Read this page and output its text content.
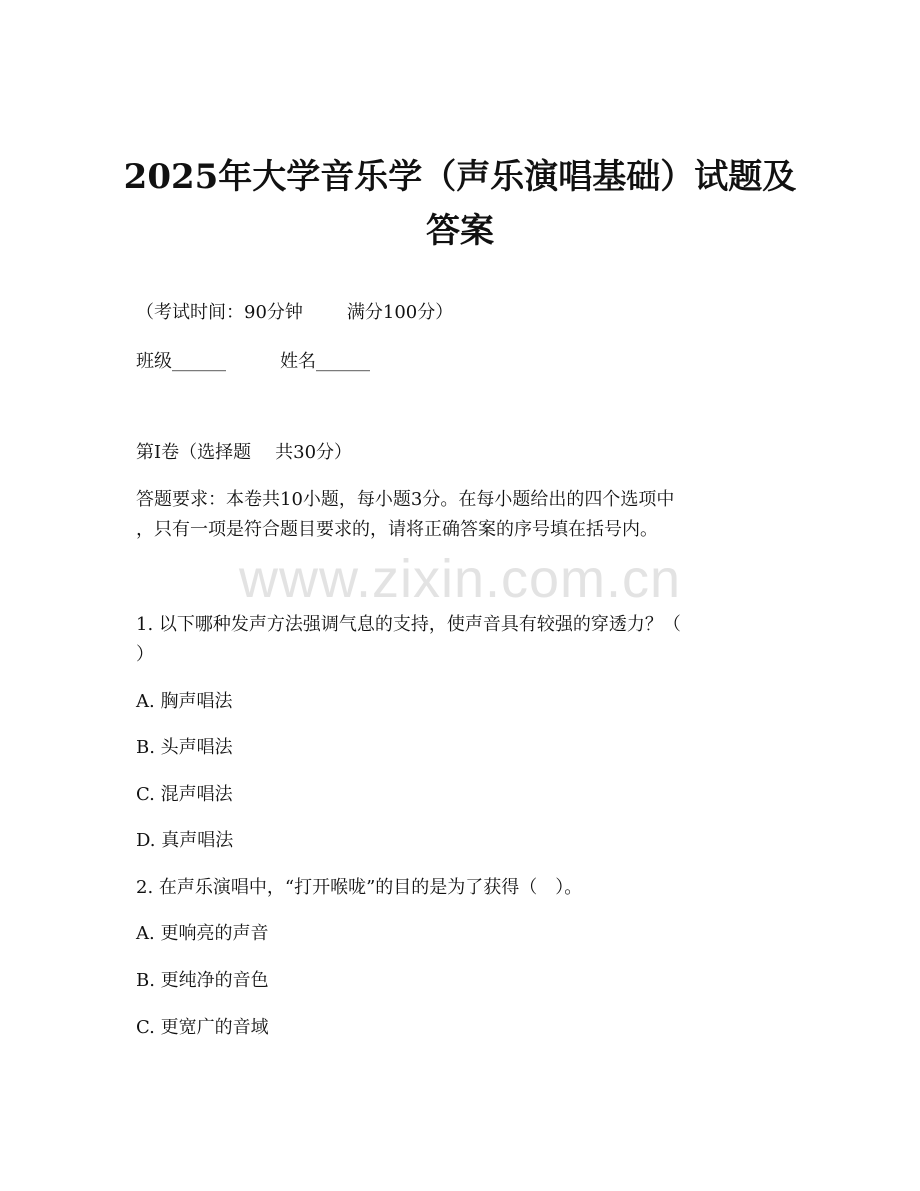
2025年大学音乐学（声乐演唱基础）试题及
答案

（考试时间：90分钟 满分100分）

班级______	姓名______

第I卷（选择题 共30分）

答题要求：本卷共10小题，每小题3分。在每小题给出的四个选项中

，只有一项是符合题目要求的，请将正确答案的序号填在括号内。

www.zixin.com.cn

1. 以下哪种发声方法强调气息的支持，使声音具有较强的穿透力？（

）

A. 胸声唱法

B. 头声唱法

C. 混声唱法

D. 真声唱法

2. 在声乐演唱中，“打开喉咙”的目的是为了获得（　）。

A. 更响亮的声音

B. 更纯净的音色

C. 更宽广的音域
